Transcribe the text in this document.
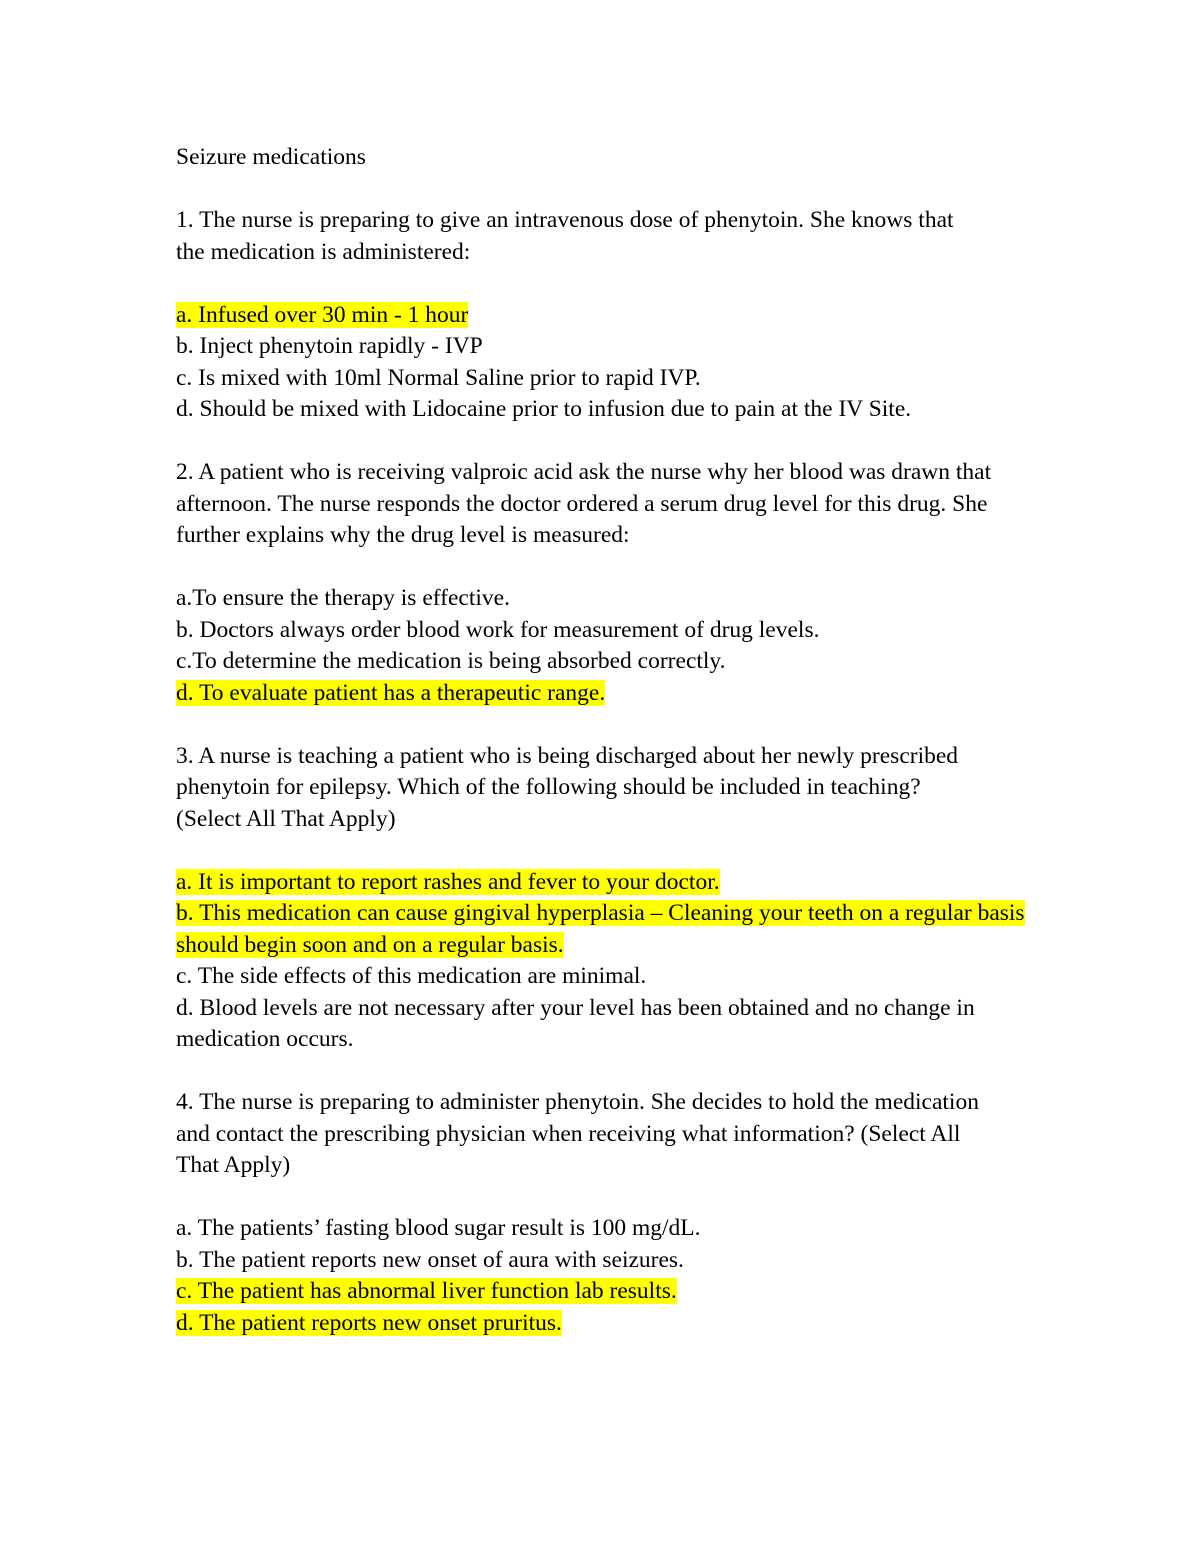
Seizure medications

1. The nurse is preparing to give an intravenous dose of phenytoin. She knows that the medication is administered:

a. Infused over 30 min - 1 hour

b. Inject phenytoin rapidly - IVP

c. Is mixed with 10ml Normal Saline prior to rapid IVP.

d. Should be mixed with Lidocaine prior to infusion due to pain at the IV Site.

2. A patient who is receiving valproic acid ask the nurse why her blood was drawn that afternoon. The nurse responds the doctor ordered a serum drug level for this drug. She further explains why the drug level is measured:

a.To ensure the therapy is effective.

b. Doctors always order blood work for measurement of drug levels.

c.To determine the medication is being absorbed correctly.

d. To evaluate patient has a therapeutic range.

3. A nurse is teaching a patient who is being discharged about her newly prescribed phenytoin for epilepsy. Which of the following should be included in teaching? (Select All That Apply)

a. It is important to report rashes and fever to your doctor.

b. This medication can cause gingival hyperplasia – Cleaning your teeth on a regular basis should begin soon and on a regular basis.

c. The side effects of this medication are minimal.

d. Blood levels are not necessary after your level has been obtained and no change in medication occurs.

4. The nurse is preparing to administer phenytoin. She decides to hold the medication and contact the prescribing physician when receiving what information? (Select All That Apply)

a. The patients’ fasting blood sugar result is 100 mg/dL.

b. The patient reports new onset of aura with seizures.

c. The patient has abnormal liver function lab results.

d. The patient reports new onset pruritus.
